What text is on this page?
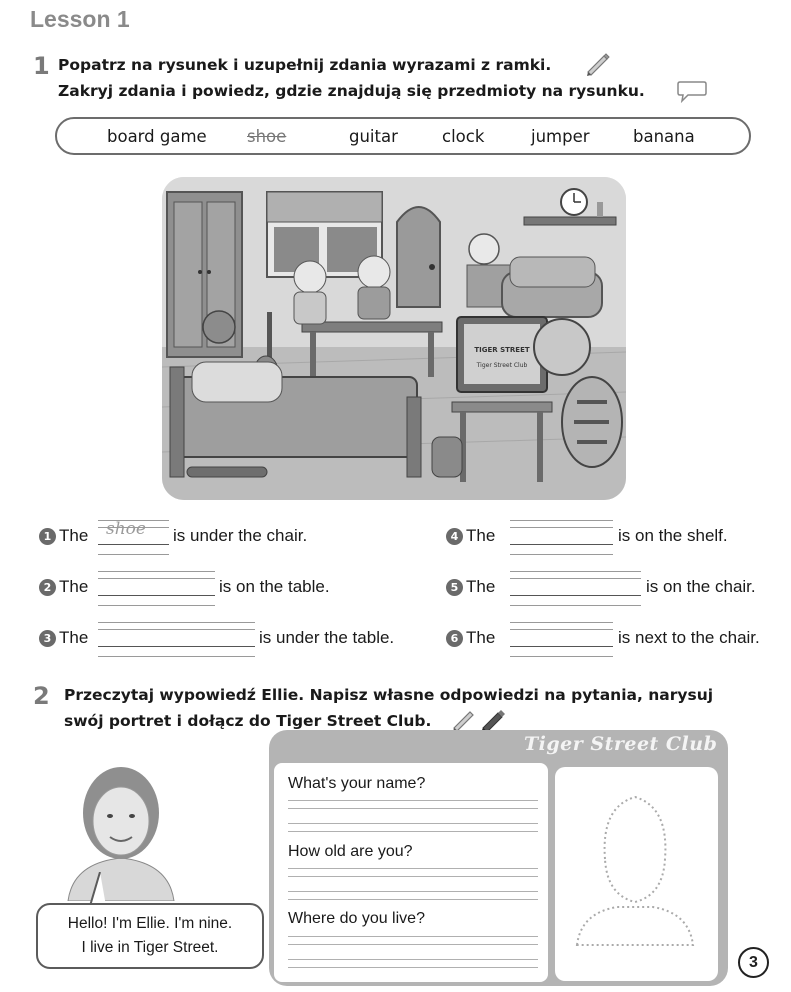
Lesson 1
1 Popatrz na rysunek i uzupełnij zdania wyrazami z ramki.
Zakryj zdania i powiedz, gdzie znajdują się przedmioty na rysunku.
board game shoe	guitar	clock	jumper	banana
TIGER STREET
Tiger Street Club
1 The shoe is under the chair.
2 The	is on the table.
3 The	is under the table.
4 The	is on the shelf.
5 The	is on the chair.
6 The	is next to the chair.
2 Przeczytaj wypowiedź Ellie. Napisz własne odpowiedzi na pytania, narysuj
swój portret i dołącz do Tiger Street Club.
Hello! I'm Ellie. I'm nine.
I live in Tiger Street.
Tiger Street Club
What's your name?
How old are you?
Where do you live?
3
